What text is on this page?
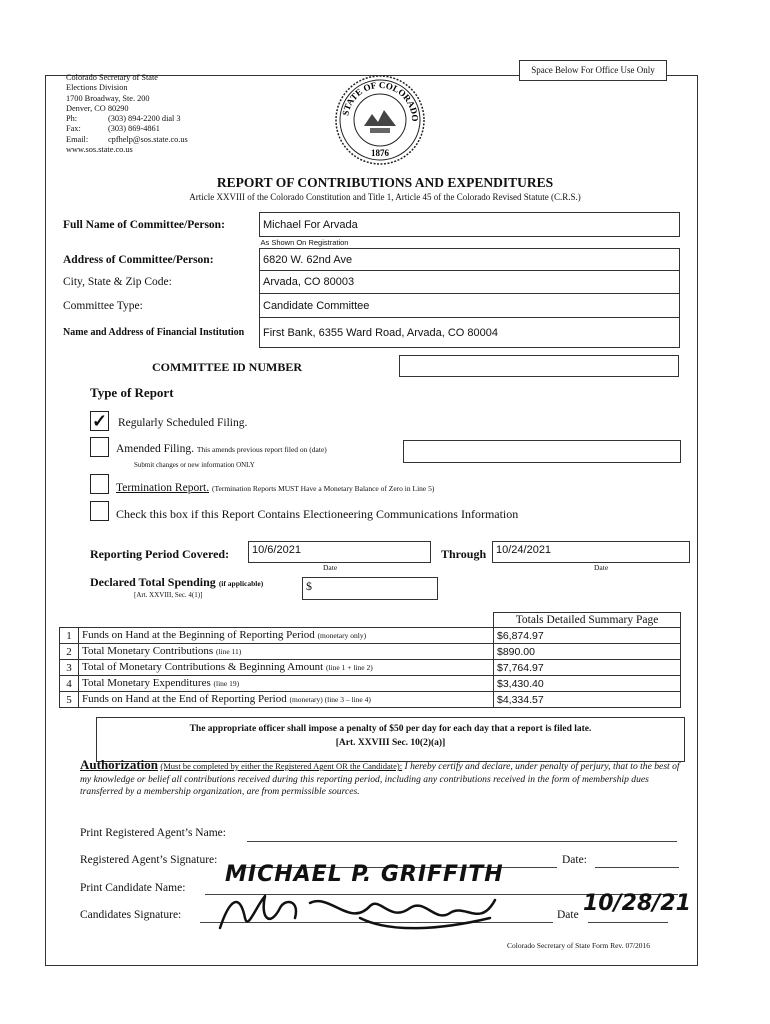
Space Below For Office Use Only
Colorado Secretary of State
Elections Division
1700 Broadway, Ste. 200
Denver, CO 80290
Ph:	(303) 894-2200 dial 3
Fax:	(303) 869-4861
Email:	cpfhelp@sos.state.co.us
www.sos.state.co.us
STATE OF COLORADO
1876
REPORT OF CONTRIBUTIONS AND EXPENDITURES
Article XXVIII of the Colorado Constitution and Title 1, Article 45 of the Colorado Revised Statute (C.R.S.)
Full Name of Committee/Person:	Michael For Arvada
	As Shown On Registration
Address of Committee/Person:	6820 W. 62nd Ave
City, State & Zip Code:	Arvada, CO 80003
Committee Type:	Candidate Committee
Name and Address of Financial Institution	First Bank, 6355 Ward Road, Arvada, CO 80004
COMMITTEE ID NUMBER
Type of Report
✓ Regularly Scheduled Filing.
Amended Filing. This amends previous report filed on (date)
Submit changes or new information ONLY
Termination Report. (Termination Reports MUST Have a Monetary Balance of Zero in Line 5)
Check this box if this Report Contains Electioneering Communications Information
Reporting Period Covered:	10/6/2021
Date
Through 10/24/2021
Date
Declared Total Spending (if applicable)
[Art. XXVIII, Sec. 4(1)]
$
		Totals Detailed Summary Page
1	Funds on Hand at the Beginning of Reporting Period (monetary only)	$6,874.97
2	Total Monetary Contributions (line 11)	$890.00
3	Total of Monetary Contributions & Beginning Amount (line 1 + line 2)	$7,764.97
4	Total Monetary Expenditures (line 19)	$3,430.40
5	Funds on Hand at the End of Reporting Period (monetary) (line 3 – line 4)	$4,334.57
The appropriate officer shall impose a penalty of $50 per day for each day that a report is filed late.
[Art. XXVIII Sec. 10(2)(a)]
Authorization (Must be completed by either the Registered Agent OR the Candidate): I hereby certify and declare, under penalty of perjury, that to the best of my knowledge or belief all contributions received during this reporting period, including any contributions received in the form of membership dues transferred by a membership organization, are from permissible sources.
Print Registered Agent’s Name:
Registered Agent’s Signature:	Date:
Print Candidate Name:
MICHAEL P. GRIFFITH
Candidates Signature:	Date 10/28/21
Colorado Secretary of State Form Rev. 07/2016
